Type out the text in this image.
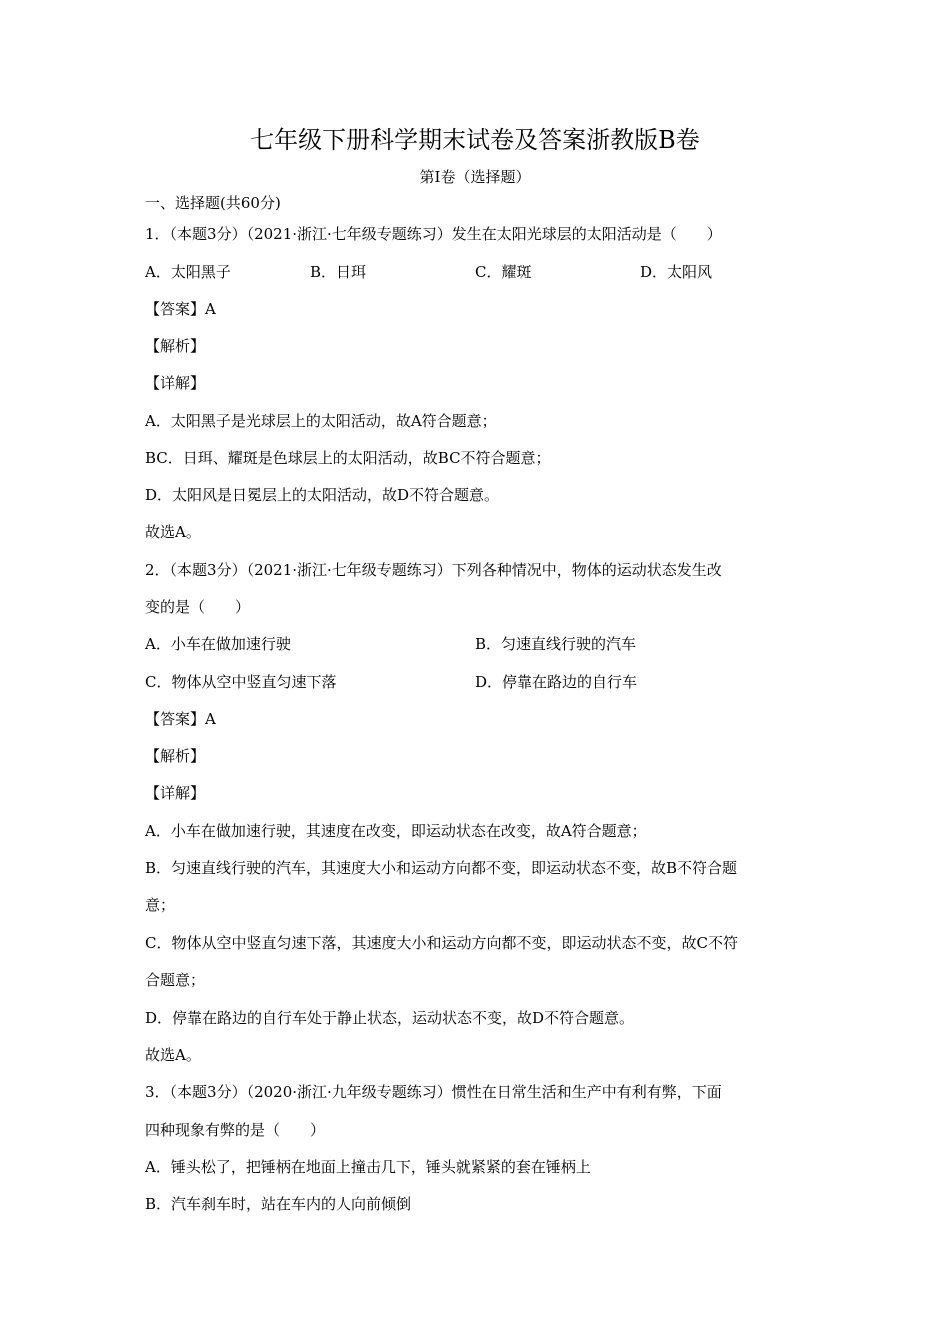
七年级下册科学期末试卷及答案浙教版B卷
第I卷（选择题）
一、选择题(共60分)
1．（本题3分）（2021·浙江·七年级专题练习）发生在太阳光球层的太阳活动是（　　）
A．太阳黑子	B．日珥	C．耀斑	D．太阳风
【答案】A
【解析】
【详解】
A．太阳黑子是光球层上的太阳活动，故A符合题意；
BC．日珥、耀斑是色球层上的太阳活动，故BC不符合题意；
D．太阳风是日冕层上的太阳活动，故D不符合题意。
故选A。
2．（本题3分）（2021·浙江·七年级专题练习）下列各种情况中，物体的运动状态发生改
变的是（　　）
A．小车在做加速行驶	B．匀速直线行驶的汽车
C．物体从空中竖直匀速下落	D．停靠在路边的自行车
【答案】A
【解析】
【详解】
A．小车在做加速行驶，其速度在改变，即运动状态在改变，故A符合题意；
B．匀速直线行驶的汽车，其速度大小和运动方向都不变，即运动状态不变，故B不符合题
意；
C．物体从空中竖直匀速下落，其速度大小和运动方向都不变，即运动状态不变，故C不符
合题意；
D．停靠在路边的自行车处于静止状态，运动状态不变，故D不符合题意。
故选A。
3．（本题3分）（2020·浙江·九年级专题练习）惯性在日常生活和生产中有利有弊，下面
四种现象有弊的是（　　）
A．锤头松了，把锤柄在地面上撞击几下，锤头就紧紧的套在锤柄上
B．汽车刹车时，站在车内的人向前倾倒
